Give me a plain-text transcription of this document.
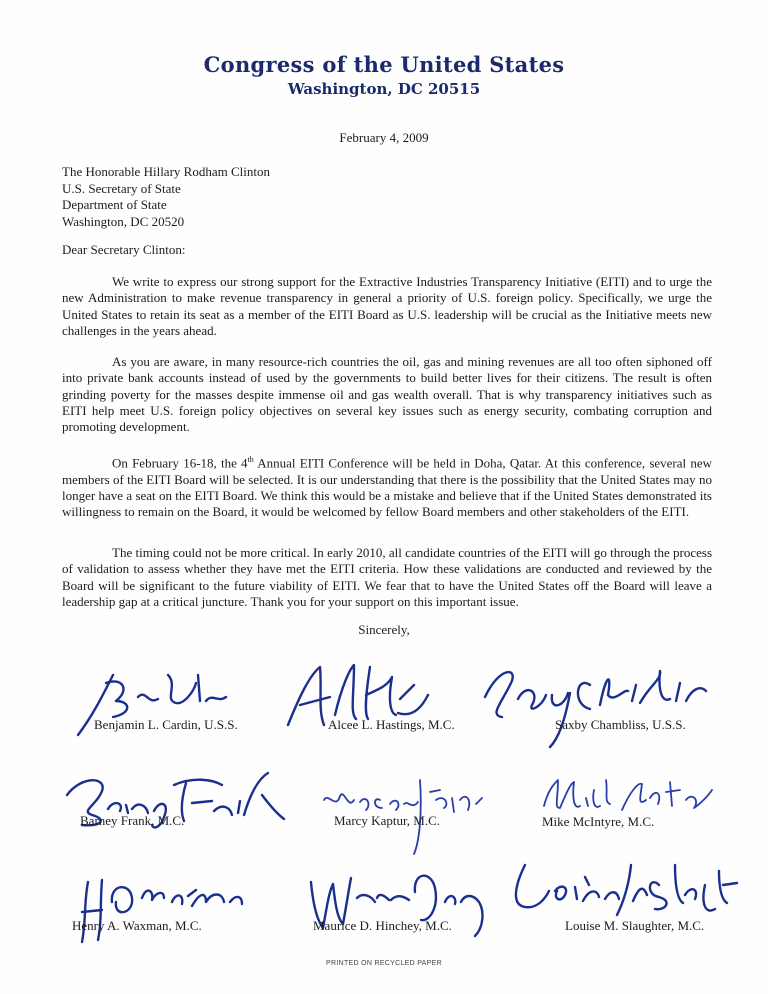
Congress of the United States
Washington, DC 20515
February 4, 2009
The Honorable Hillary Rodham Clinton
U.S. Secretary of State
Department of State
Washington, DC 20520
Dear Secretary Clinton:

We write to express our strong support for the Extractive Industries Transparency Initiative (EITI) and to urge the new Administration to make revenue transparency in general a priority of U.S. foreign policy. Specifically, we urge the United States to retain its seat as a member of the EITI Board as U.S. leadership will be crucial as the Initiative meets new challenges in the years ahead.

As you are aware, in many resource-rich countries the oil, gas and mining revenues are all too often siphoned off into private bank accounts instead of used by the governments to build better lives for their citizens. The result is often grinding poverty for the masses despite immense oil and gas wealth overall. That is why transparency initiatives such as EITI help meet U.S. foreign policy objectives on several key issues such as energy security, combating corruption and promoting development.

On February 16-18, the 4th Annual EITI Conference will be held in Doha, Qatar. At this conference, several new members of the EITI Board will be selected. It is our understanding that there is the possibility that the United States may no longer have a seat on the EITI Board. We think this would be a mistake and believe that if the United States demonstrated its willingness to remain on the Board, it would be welcomed by fellow Board members and other stakeholders of the EITI.

The timing could not be more critical. In early 2010, all candidate countries of the EITI will go through the process of validation to assess whether they have met the EITI criteria. How these validations are conducted and reviewed by the Board will be significant to the future viability of EITI. We fear that to have the United States off the Board will leave a leadership gap at a critical juncture. Thank you for your support on this important issue.

Sincerely,
Benjamin L. Cardin, U.S.S.	Alcee L. Hastings, M.C.	Saxby Chambliss, U.S.S.
Barney Frank, M.C.	Marcy Kaptur, M.C.	Mike McIntyre, M.C.
Henry A. Waxman, M.C.	Maurice D. Hinchey, M.C.	Louise M. Slaughter, M.C.
PRINTED ON RECYCLED PAPER
